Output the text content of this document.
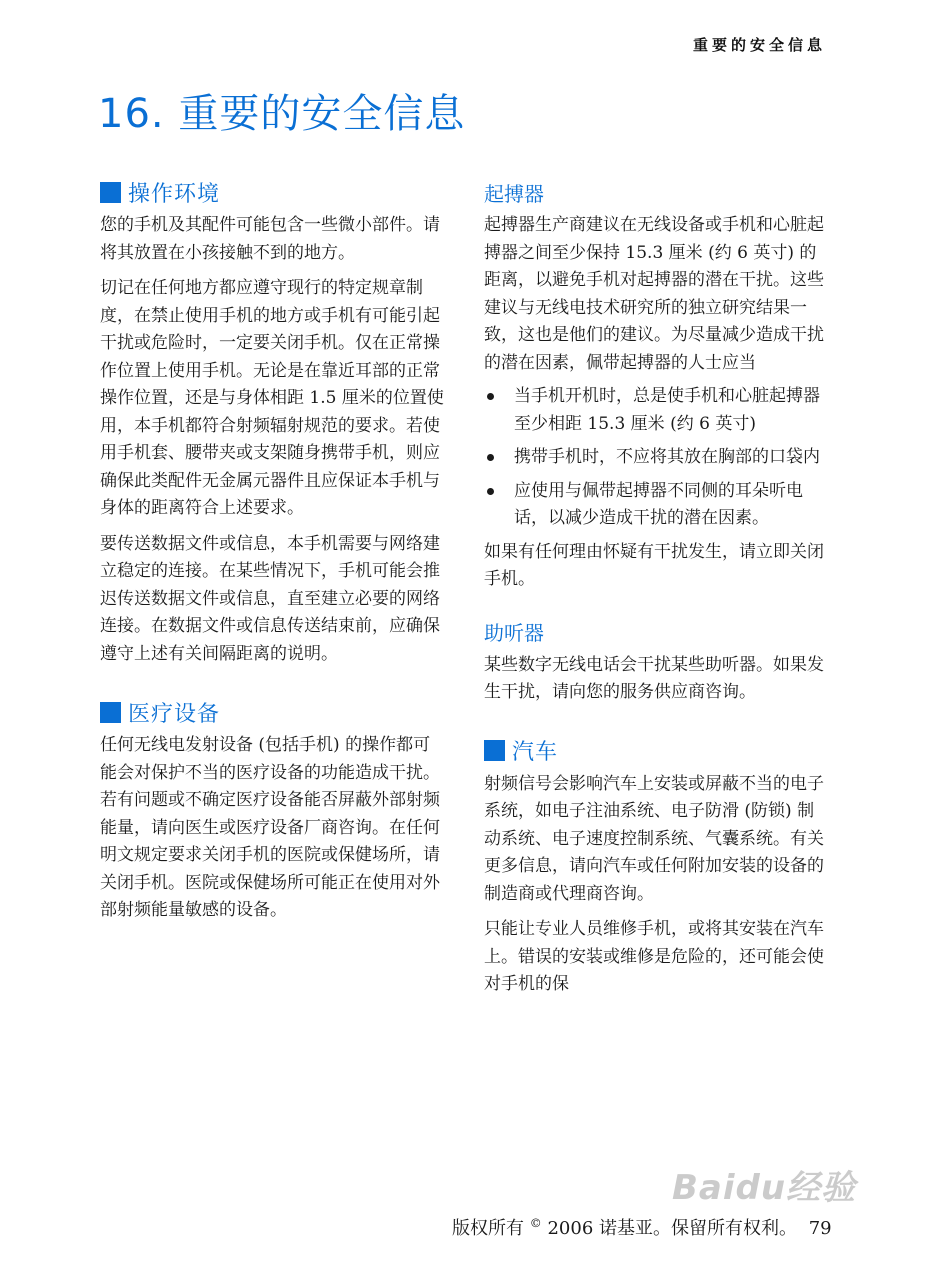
重要的安全信息
16. 重要的安全信息
操作环境

您的手机及其配件可能包含一些微小部件。请将其放置在小孩接触不到的地方。

切记在任何地方都应遵守现行的特定规章制度，在禁止使用手机的地方或手机有可能引起干扰或危险时，一定要关闭手机。仅在正常操作位置上使用手机。无论是在靠近耳部的正常操作位置，还是与身体相距 1.5 厘米的位置使用，本手机都符合射频辐射规范的要求。若使用手机套、腰带夹或支架随身携带手机，则应确保此类配件无金属元器件且应保证本手机与身体的距离符合上述要求。

要传送数据文件或信息，本手机需要与网络建立稳定的连接。在某些情况下，手机可能会推迟传送数据文件或信息，直至建立必要的网络连接。在数据文件或信息传送结束前，应确保遵守上述有关间隔距离的说明。

医疗设备

任何无线电发射设备 (包括手机) 的操作都可能会对保护不当的医疗设备的功能造成干扰。若有问题或不确定医疗设备能否屏蔽外部射频能量，请向医生或医疗设备厂商咨询。在任何明文规定要求关闭手机的医院或保健场所，请关闭手机。医院或保健场所可能正在使用对外部射频能量敏感的设备。

起搏器

起搏器生产商建议在无线设备或手机和心脏起搏器之间至少保持 15.3 厘米 (约 6 英寸) 的距离，以避免手机对起搏器的潜在干扰。这些建议与无线电技术研究所的独立研究结果一致，这也是他们的建议。为尽量减少造成干扰的潜在因素，佩带起搏器的人士应当

当手机开机时，总是使手机和心脏起搏器至少相距 15.3 厘米 (约 6 英寸)
携带手机时，不应将其放在胸部的口袋内
应使用与佩带起搏器不同侧的耳朵听电话，以减少造成干扰的潜在因素。

如果有任何理由怀疑有干扰发生，请立即关闭手机。

助听器

某些数字无线电话会干扰某些助听器。如果发生干扰，请向您的服务供应商咨询。

汽车

射频信号会影响汽车上安装或屏蔽不当的电子系统，如电子注油系统、电子防滑 (防锁) 制动系统、电子速度控制系统、气囊系统。有关更多信息，请向汽车或任何附加安装的设备的制造商或代理商咨询。

只能让专业人员维修手机，或将其安装在汽车上。错误的安装或维修是危险的，还可能会使对手机的保

Baidu经验
版权所有 © 2006 诺基亚。保留所有权利。 79
